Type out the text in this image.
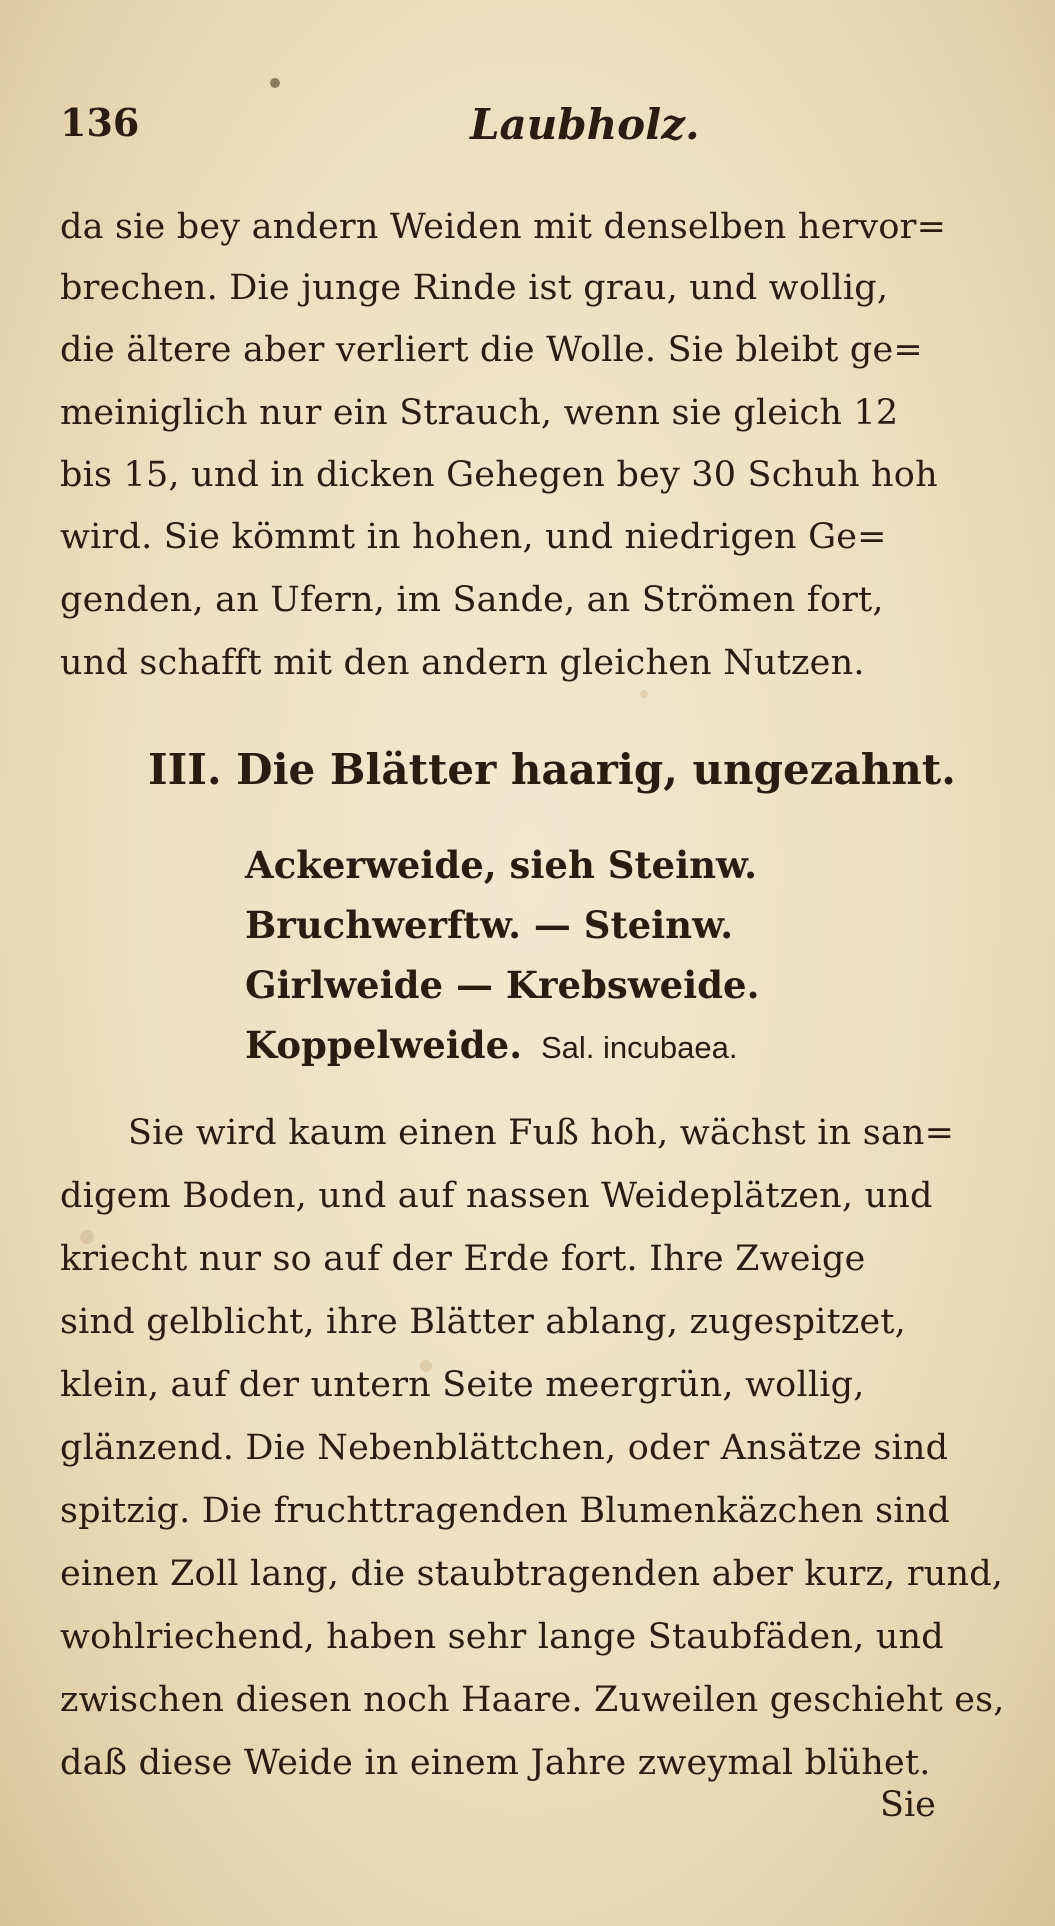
136	Laubholz.
da sie bey andern Weiden mit denselben hervor=
brechen. Die junge Rinde ist grau, und wollig,
die ältere aber verliert die Wolle. Sie bleibt ge=
meiniglich nur ein Strauch, wenn sie gleich 12
bis 15, und in dicken Gehegen bey 30 Schuh hoh
wird. Sie kömmt in hohen, und niedrigen Ge=
genden, an Ufern, im Sande, an Strömen fort,
und schafft mit den andern gleichen Nutzen.
III. Die Blätter haarig, ungezahnt.
Ackerweide, sieh Steinw.
Bruchwerftw. — Steinw.
Girlweide — Krebsweide.
Koppelweide. Sal. incubaea.
Sie wird kaum einen Fuß hoh, wächst in san=
digem Boden, und auf nassen Weideplätzen, und
kriecht nur so auf der Erde fort. Ihre Zweige
sind gelblicht, ihre Blätter ablang, zugespitzet,
klein, auf der untern Seite meergrün, wollig,
glänzend. Die Nebenblättchen, oder Ansätze sind
spitzig. Die fruchttragenden Blumenkäzchen sind
einen Zoll lang, die staubtragenden aber kurz, rund,
wohlriechend, haben sehr lange Staubfäden, und
zwischen diesen noch Haare. Zuweilen geschieht es,
daß diese Weide in einem Jahre zweymal blühet.
Sie
